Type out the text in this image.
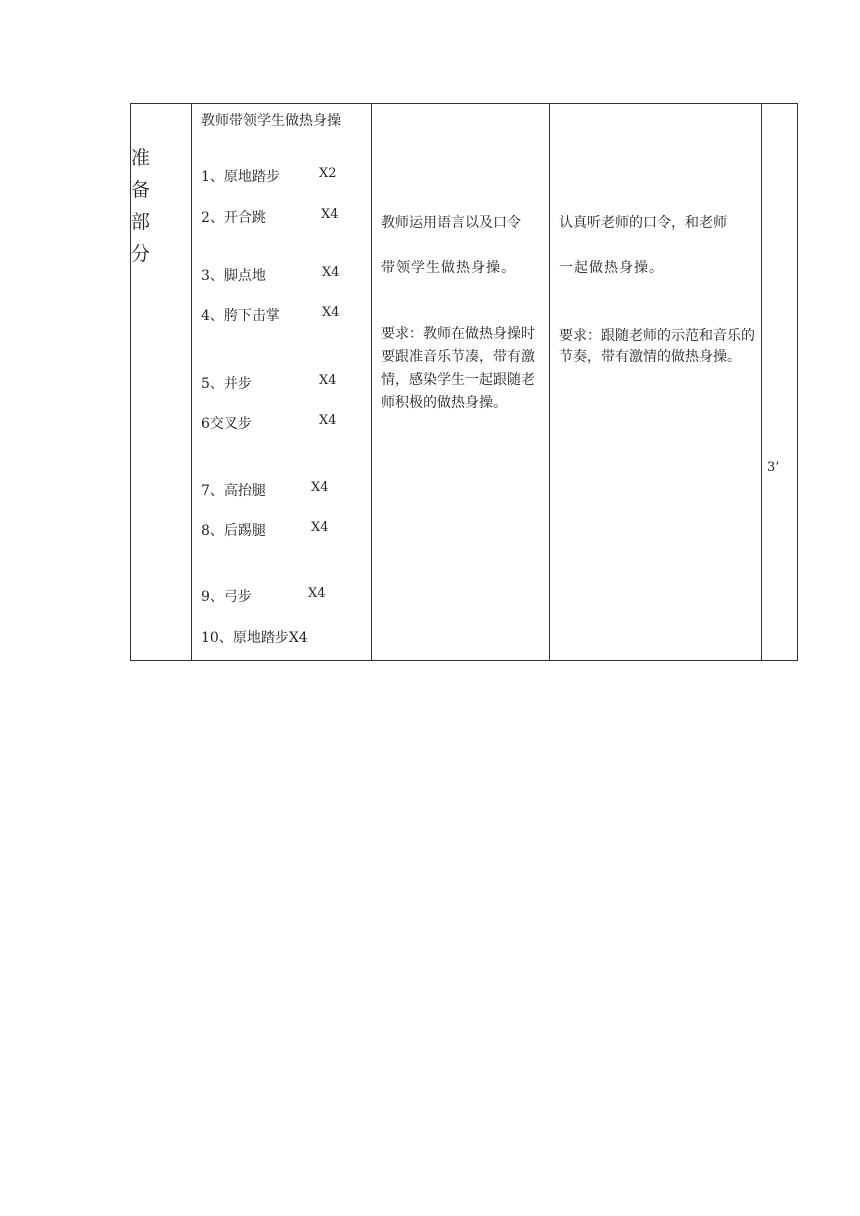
准
备
部
分

教师带领学生做热身操
1、原地踏步	X2
2、开合跳	X4
3、脚点地	X4
4、胯下击掌	X4
5、并步	X4
6交叉步	X4
7、高抬腿	X4
8、后踢腿	X4
9、弓步	X4
10、原地踏步X4

教师运用语言以及口令
带领学生做热身操。
要求：教师在做热身操时要跟准音乐节凑，带有激情，感染学生一起跟随老师积极的做热身操。

认真听老师的口令，和老师
一起做热身操。
要求：跟随老师的示范和音乐的节奏，带有激情的做热身操。

3’
